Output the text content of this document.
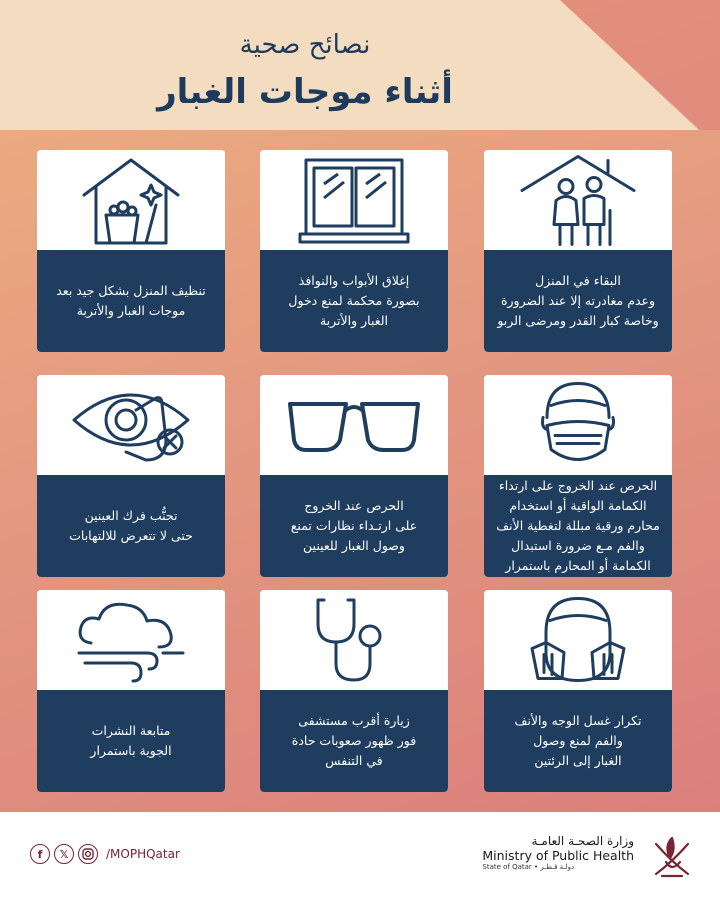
نصائح صحية
أثناء موجات الغبار
تنظيف المنزل بشكل جيد بعد
موجات الغبار والأتربة
إغلاق الأبواب والنوافذ
بصورة محكمة لمنع دخول
الغبار والأتربة
البقاء في المنزل
وعدم مغادرته إلا عند الضرورة
وخاصة كبار القدر ومرضى الربو
تجنُّب فرك العينين
حتى لا تتعرض للالتهابات
الحرص عند الخروج
على ارتـداء نظارات تمنع
وصول الغبار للعينين
الحرص عند الخروج على ارتداء
الكمامة الواقية أو استخدام
محارم ورقية مبللة لتغطية الأنف
والفم مـع ضرورة استبدال
الكمامة أو المحارم باستمرار
متابعة النشرات
الجوية باستمرار
زيارة أقرب مستشفى
فور ظهور صعوبات حادة
في التنفس
تكرار غسل الوجه والأنف
والفم لمنع وصول
الغبار إلى الرئتين
f	𝕏	/MOPHQatar
وزارة الصحـة العامـة
Ministry of Public Health
State of Qatar • دولـة قـطـر
